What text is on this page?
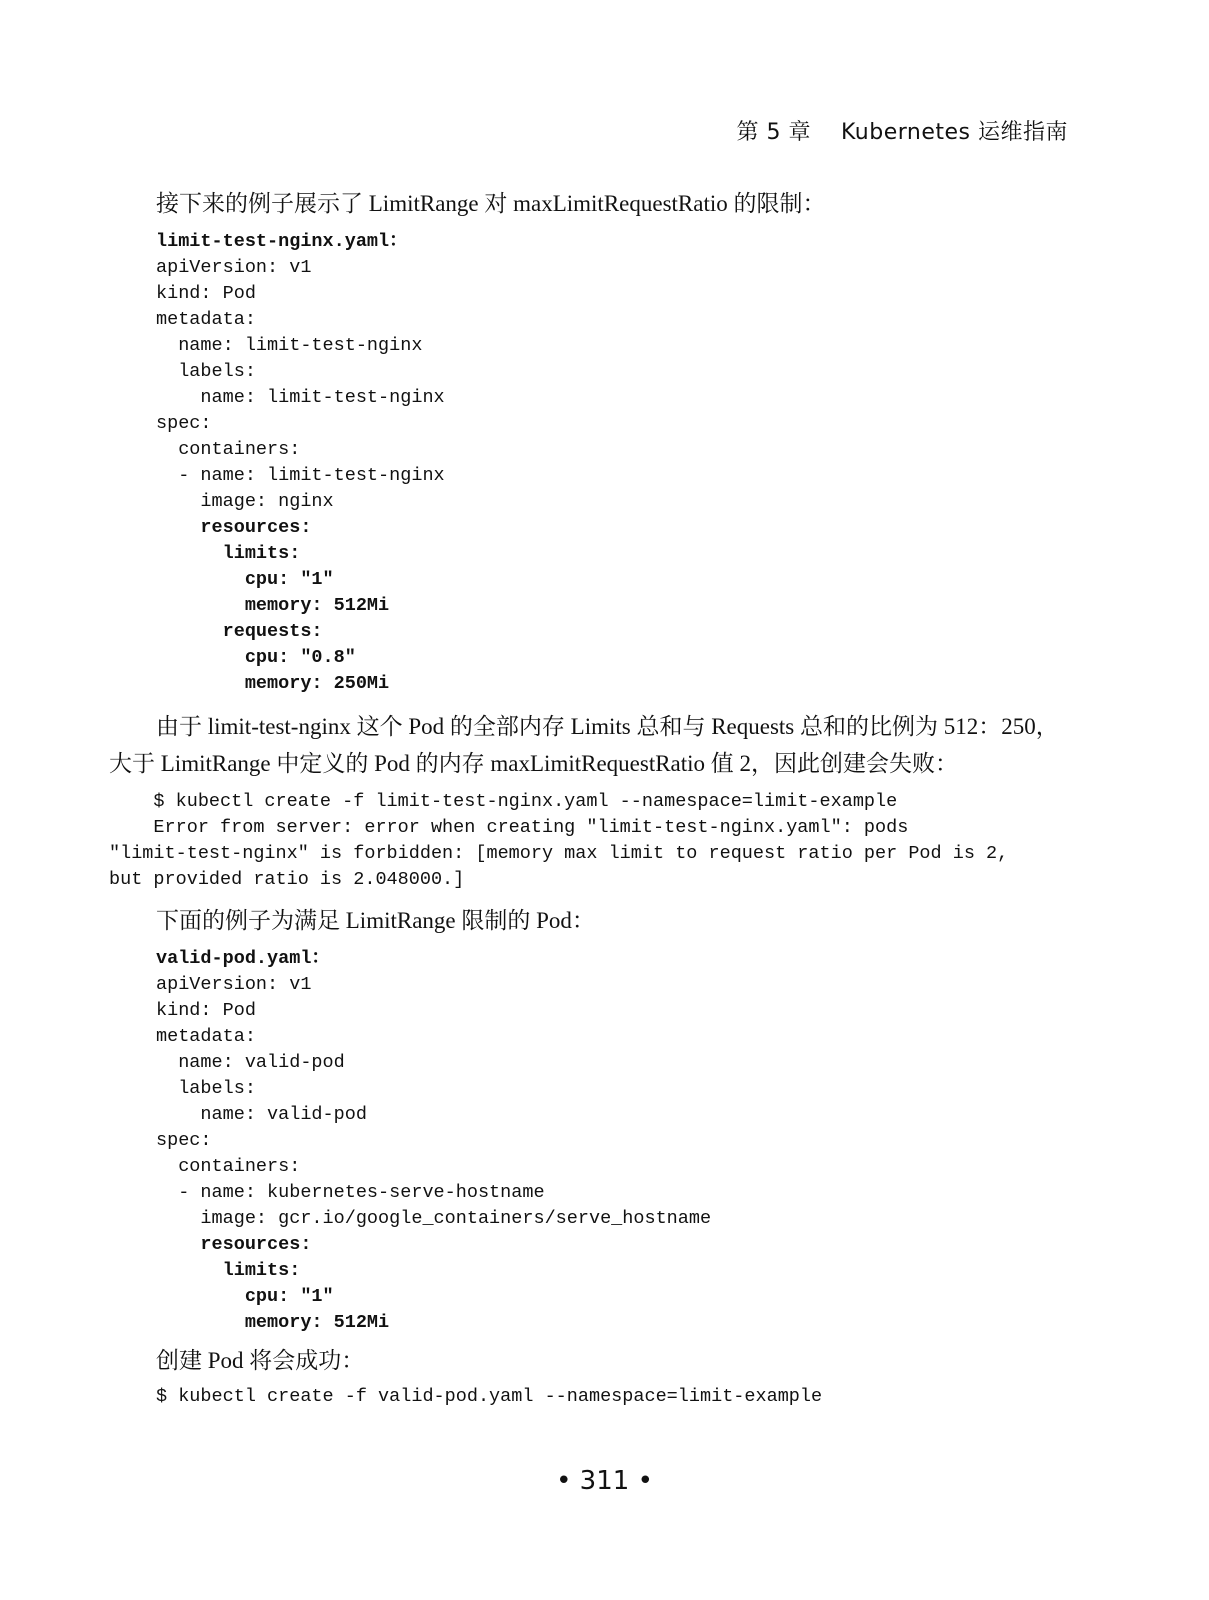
第 5 章 Kubernetes 运维指南

接下来的例子展示了 LimitRange 对 maxLimitRequestRatio 的限制：
limit-test-nginx.yaml：
apiVersion: v1
kind: Pod
metadata:
name: limit-test-nginx
labels:
name: limit-test-nginx
spec:
containers:
- name: limit-test-nginx
image: nginx
resources:
limits:
cpu: "1"
memory: 512Mi
requests:
cpu: "0.8"
memory: 250Mi
由于 limit-test-nginx 这个 Pod 的全部内存 Limits 总和与 Requests 总和的比例为 512：250，
大于 LimitRange 中定义的 Pod 的内存 maxLimitRequestRatio 值 2，因此创建会失败：
$ kubectl create -f limit-test-nginx.yaml --namespace=limit-example
Error from server: error when creating "limit-test-nginx.yaml": pods
"limit-test-nginx" is forbidden: [memory max limit to request ratio per Pod is 2,
but provided ratio is 2.048000.]
下面的例子为满足 LimitRange 限制的 Pod：
valid-pod.yaml：
apiVersion: v1
kind: Pod
metadata:
name: valid-pod
labels:
name: valid-pod
spec:
containers:
- name: kubernetes-serve-hostname
image: gcr.io/google_containers/serve_hostname
resources:
limits:
cpu: "1"
memory: 512Mi
创建 Pod 将会成功：
$ kubectl create -f valid-pod.yaml --namespace=limit-example
• 311 •
